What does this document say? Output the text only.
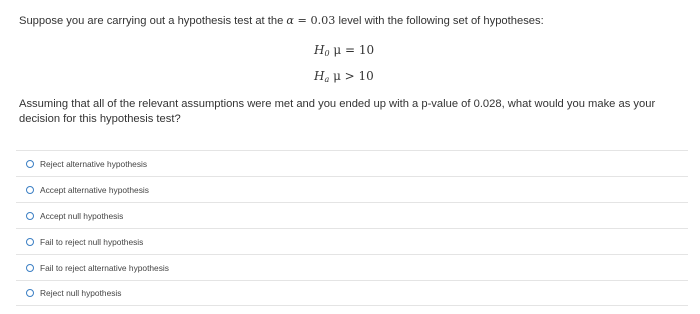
Suppose you are carrying out a hypothesis test at the α = 0.03 level with the following set of hypotheses:
$H_0$ μ = 10
$H_a$ μ > 10
Assuming that all of the relevant assumptions were met and you ended up with a p-value of 0.028, what would you make as your decision for this hypothesis test?
Reject alternative hypothesis
Accept alternative hypothesis
Accept null hypothesis
Fail to reject null hypothesis
Fail to reject alternative hypothesis
Reject null hypothesis
